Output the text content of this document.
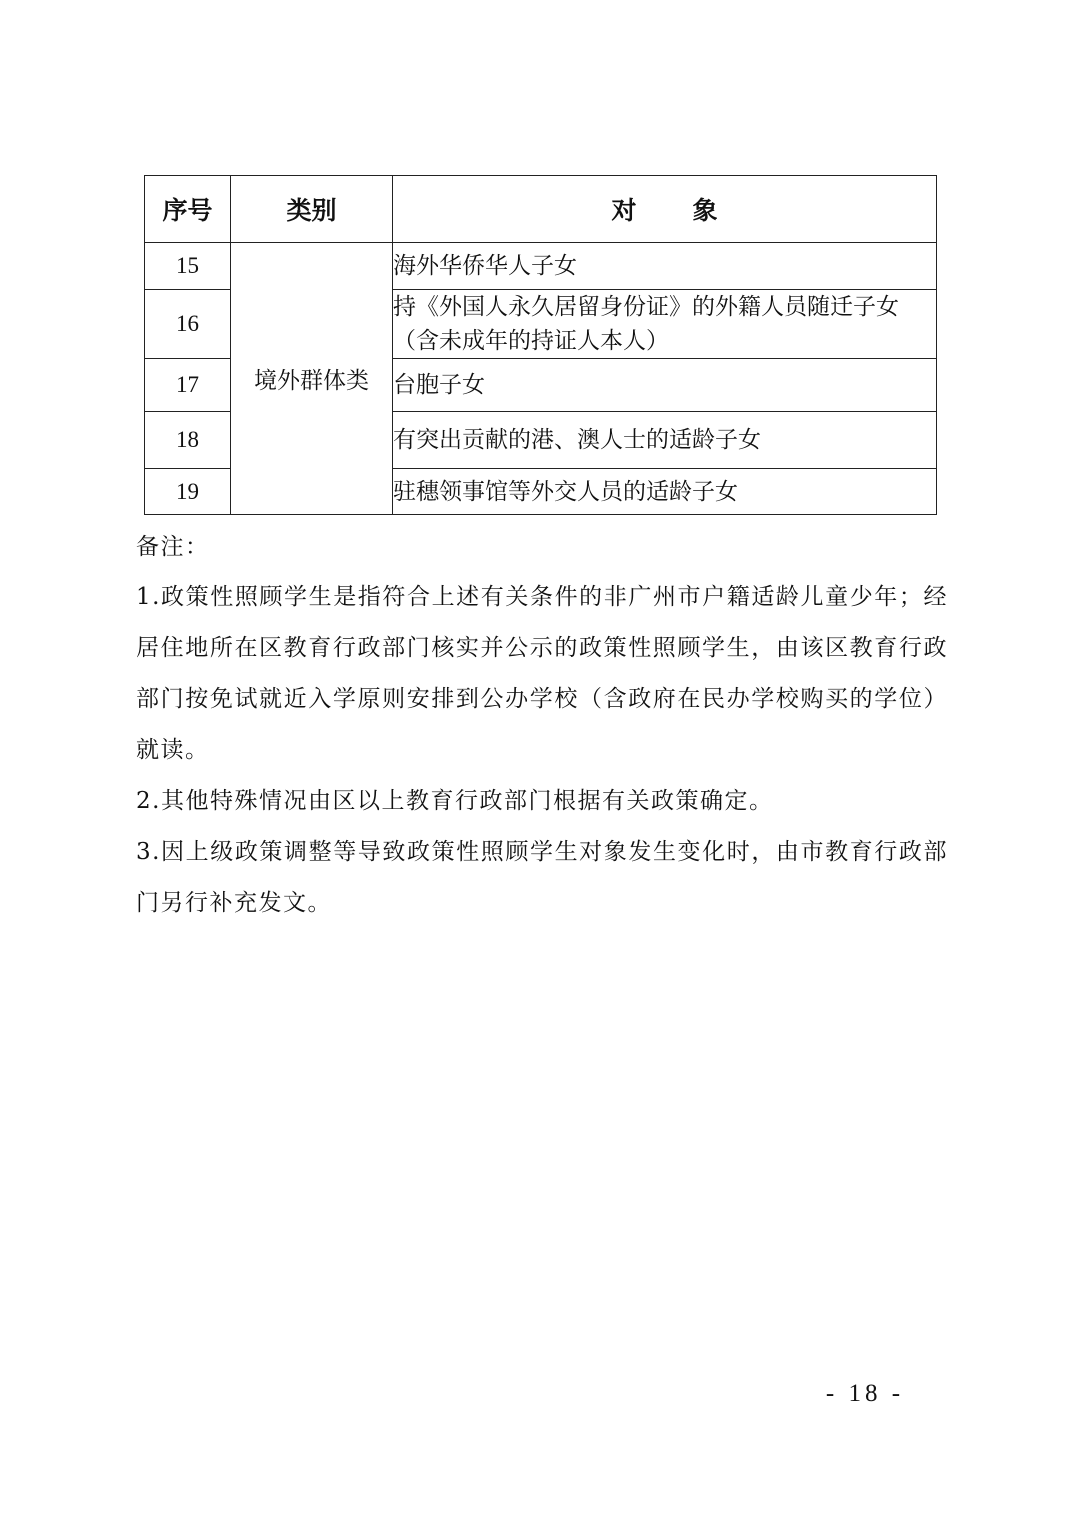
序号	类别	对象
15	境外群体类	海外华侨华人子女
16		持《外国人永久居留身份证》的外籍人员随迁子女（含未成年的持证人本人）
17		台胞子女
18		有突出贡献的港、澳人士的适龄子女
19		驻穗领事馆等外交人员的适龄子女
备注：

1.政策性照顾学生是指符合上述有关条件的非广州市户籍适龄儿童少年；经居住地所在区教育行政部门核实并公示的政策性照顾学生，由该区教育行政部门按免试就近入学原则安排到公办学校（含政府在民办学校购买的学位）就读。

2.其他特殊情况由区以上教育行政部门根据有关政策确定。

3.因上级政策调整等导致政策性照顾学生对象发生变化时，由市教育行政部门另行补充发文。

- 18 -
